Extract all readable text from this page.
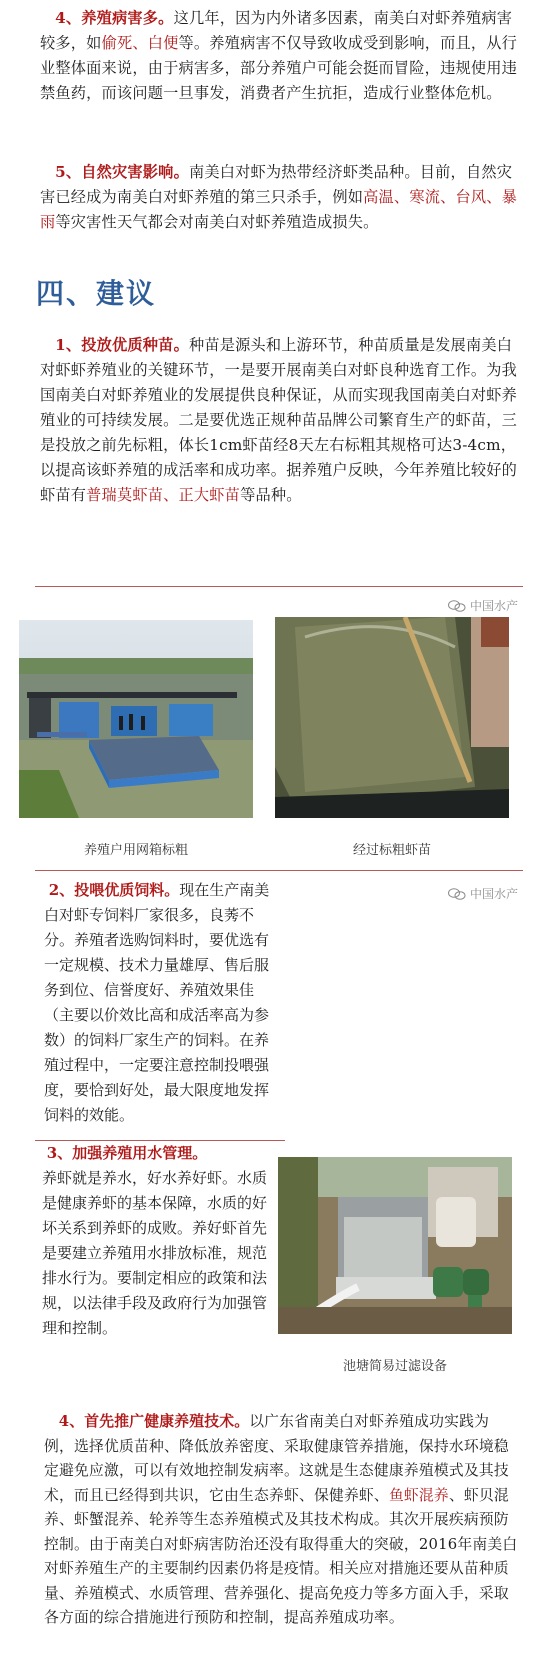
4、养殖病害多。这几年，因为内外诸多因素，南美白对虾养殖病害较多，如偷死、白便等。养殖病害不仅导致收成受到影响，而且，从行业整体面来说，由于病害多，部分养殖户可能会挺而冒险，违规使用违禁鱼药，而该问题一旦事发，消费者产生抗拒，造成行业整体危机。

5、自然灾害影响。南美白对虾为热带经济虾类品种。目前，自然灾害已经成为南美白对虾养殖的第三只杀手，例如高温、寒流、台风、暴雨等灾害性天气都会对南美白对虾养殖造成损失。

四、建议

1、投放优质种苗。种苗是源头和上游环节，种苗质量是发展南美白对虾虾养殖业的关键环节，一是要开展南美白对虾良种选育工作。为我国南美白对虾养殖业的发展提供良种保证，从而实现我国南美白对虾养殖业的可持续发展。二是要优选正规种苗品牌公司繁育生产的虾苗，三是投放之前先标粗，体长1cm虾苗经8天左右标粗其规格可达3-4cm，以提高该虾养殖的成活率和成功率。据养殖户反映，今年养殖比较好的虾苗有普瑞莫虾苗、正大虾苗等品种。

中国水产
养殖户用网箱标粗	经过标粗虾苗
中国水产

2、投喂优质饲料。现在生产南美白对虾专饲料厂家很多，良莠不分。养殖者选购饲料时，要优选有一定规模、技术力量雄厚、售后服务到位、信誉度好、养殖效果佳（主要以价效比高和成活率高为参数）的饲料厂家生产的饲料。在养殖过程中，一定要注意控制投喂强度，要恰到好处，最大限度地发挥饲料的效能。

3、加强养殖用水管理。
养虾就是养水，好水养好虾。水质是健康养虾的基本保障，水质的好坏关系到养虾的成败。养好虾首先是要建立养殖用水排放标准，规范排水行为。要制定相应的政策和法规，以法律手段及政府行为加强管理和控制。

池塘简易过滤设备

4、首先推广健康养殖技术。以广东省南美白对虾养殖成功实践为例，选择优质苗种、降低放养密度、采取健康管养措施，保持水环境稳定避免应激，可以有效地控制发病率。这就是生态健康养殖模式及其技术，而且已经得到共识，它由生态养虾、保健养虾、鱼虾混养、虾贝混养、虾蟹混养、轮养等生态养殖模式及其技术构成。其次开展疾病预防控制。由于南美白对虾病害防治还没有取得重大的突破，2016年南美白对虾养殖生产的主要制约因素仍将是疫情。相关应对措施还要从苗种质量、养殖模式、水质管理、营养强化、提高免疫力等多方面入手，采取各方面的综合措施进行预防和控制，提高养殖成功率。
